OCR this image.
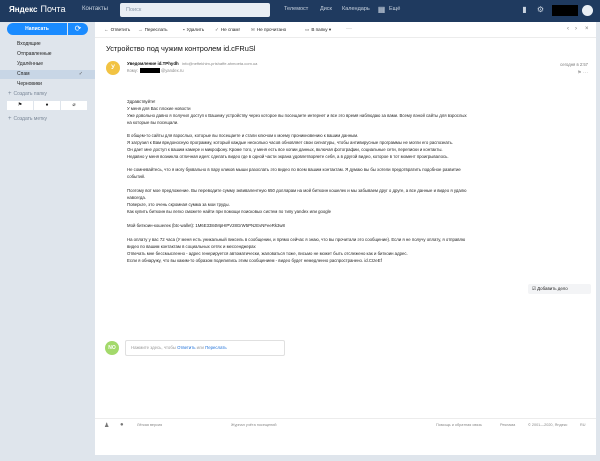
Яндекс Почта	Контакты	Поиск	Телемост Диск Календарь ▦ Ещё	▮ ⚙
Написать	⟳
Входящие
Отправленные
Удалённые
Спам	✓
Черновики
+ Создать папку
⚑	●	⌀
+ Создать метку
← Ответить → Переслать	▪ Удалить ✓ Не спам! ✉ Не прочитано	▭ В папку ▾ ···	‹ › ×
Устройство под чужим контролем id.cFRuSl
У
Уведомление id.TPhydh info@neftekhim-prishaffe.ahmoeta.com.ua
Кому:	@yandex.ru
сегодня в 2:57
⚑ ···
Здравствуйте!
У меня для Вас плохие новости
Уже довольно давно я получил доступ к Вашему устройству через которое вы посещаете интернет и все это время наблюдаю за вами. Всему вэной сайты для взрослых
на которые вы посещали.
В общем-то сайты для взрослых, которые вы посещаете и стали ключом к моему проникновению к вашим данным.
Я загрузил к Вам вредоносную программу, который каждые несколько часов обновляет свои сигнатуры, чтобы антивирусные программы не могли его распознать.
Он дает мне доступ к вашим камере и микрофону. Кроме того, у меня есть все копии данных, включая фотографии, социальные сети, переписки и контакты.
Недавно у меня возникла отличная идея: сделать видео где в одной части экрана удовлетворяете себя, а в другой видео, которое в тот момент проигрывалось.
Не сомневайтесь, что я могу буквально в пару кликов мыши разослать это видео по всем вашим контактам. Я думаю вы бы хотели предотвратить подобное развитие
событий.
Поэтому вот мое предложение. Вы переводите сумму эквивалентную 650 долларам на мой биткоин кошелек и мы забываем друг о друге, а все данные и видео я удалю
навсегда.
Поверьте, это очень скромная сумма за мои труды.
Как купить биткоин вы легко сможете найти при помощи поисковых систем по типу yandex или google
Мой биткоин-кошелек (btc-wallet): 1M6E3384MpHIPV28GrW5PNzEvNFeeRk3w8
На оплату у вас 72 часа (У меня есть уникальный пиксель в сообщении, и прямо сейчас я знаю, что вы прочитали это сообщение). Если я не получу оплату, я отправлю
видео по вашим контактам в социальных сетях и мессенджерах
Отвечать мне бессмысленно - адрес генерируется автоматически, жаловаться тоже, письмо не может быть отслежено как и биткоин адрес.
Если я обнаружу, что вы каким-то образом поделились этим сообщением - видео будет немедленно распространено. id.CIzeEf
☑ Добавить дело
NO	Нажмите здесь, чтобы Ответить или Переслать
♟ ●	Лёгкая версия	Журнал учёта посещений	Помощь и обратная связь	Реклама	© 2001—2020, Яндекс	RU
